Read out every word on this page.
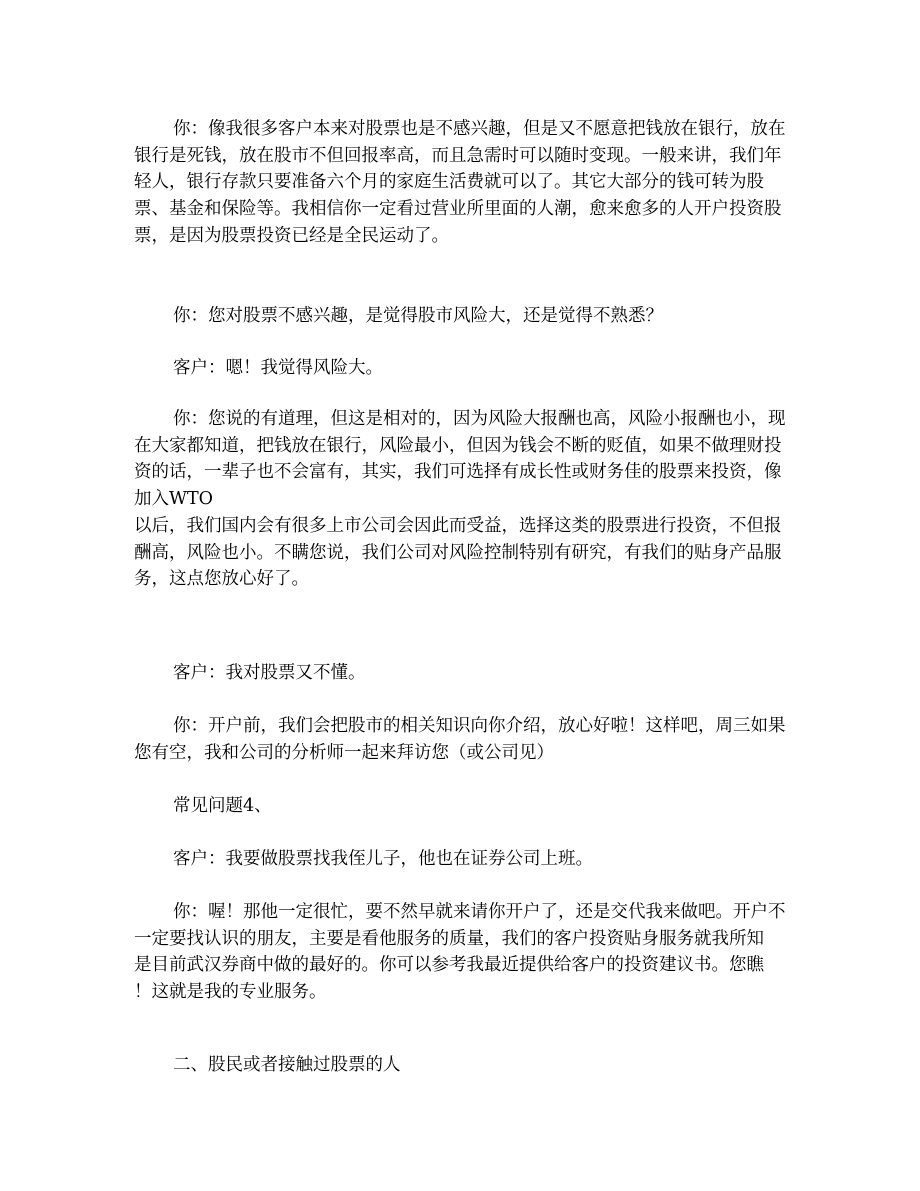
你：像我很多客户本来对股票也是不感兴趣，但是又不愿意把钱放在银行，放在
银行是死钱，放在股市不但回报率高，而且急需时可以随时变现。一般来讲，我们年
轻人，银行存款只要准备六个月的家庭生活费就可以了。其它大部分的钱可转为股
票、基金和保险等。我相信你一定看过营业所里面的人潮，愈来愈多的人开户投资股
票，是因为股票投资已经是全民运动了。

你：您对股票不感兴趣，是觉得股市风险大，还是觉得不熟悉？

客户：嗯！我觉得风险大。

你：您说的有道理，但这是相对的，因为风险大报酬也高，风险小报酬也小，现
在大家都知道，把钱放在银行，风险最小，但因为钱会不断的贬值，如果不做理财投
资的话，一辈子也不会富有，其实，我们可选择有成长性或财务佳的股票来投资，像
加入WTO
以后，我们国内会有很多上市公司会因此而受益，选择这类的股票进行投资，不但报
酬高，风险也小。不瞒您说，我们公司对风险控制特别有研究，有我们的贴身产品服
务，这点您放心好了。

客户：我对股票又不懂。

你：开户前，我们会把股市的相关知识向你介绍，放心好啦！这样吧，周三如果
您有空，我和公司的分析师一起来拜访您（或公司见）

常见问题4、

客户：我要做股票找我侄儿子，他也在证券公司上班。

你：喔！那他一定很忙，要不然早就来请你开户了，还是交代我来做吧。开户不
一定要找认识的朋友，主要是看他服务的质量，我们的客户投资贴身服务就我所知
是目前武汉券商中做的最好的。你可以参考我最近提供给客户的投资建议书。您瞧
！这就是我的专业服务。

二、股民或者接触过股票的人
